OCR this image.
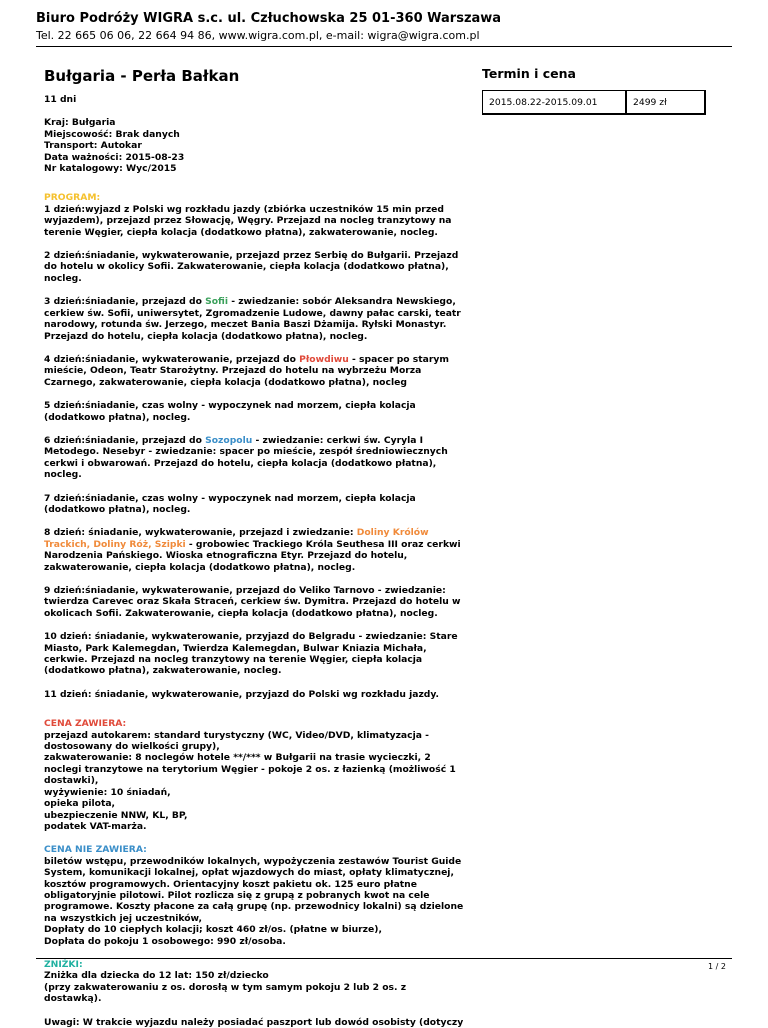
Biuro Podróży WIGRA s.c. ul. Człuchowska 25 01-360 Warszawa
Tel. 22 665 06 06, 22 664 94 86, www.wigra.com.pl, e-mail: wigra@wigra.com.pl
Bułgaria - Perła Bałkan

11 dni

Kraj: Bułgaria

Miejscowość: Brak danych

Transport: Autokar

Data ważności: 2015-08-23

Nr katalogowy: Wyc/2015

PROGRAM:

1 dzień:wyjazd z Polski wg rozkładu jazdy (zbiórka uczestników 15 min przed wyjazdem), przejazd przez Słowację, Węgry. Przejazd na nocleg tranzytowy na terenie Węgier, ciepła kolacja (dodatkowo płatna), zakwaterowanie, nocleg.

2 dzień:śniadanie, wykwaterowanie, przejazd przez Serbię do Bułgarii. Przejazd do hotelu w okolicy Sofii. Zakwaterowanie, ciepła kolacja (dodatkowo płatna), nocleg.

3 dzień:śniadanie, przejazd do Sofii - zwiedzanie: sobór Aleksandra Newskiego, cerkiew św. Sofii, uniwersytet, Zgromadzenie Ludowe, dawny pałac carski, teatr narodowy, rotunda św. Jerzego, meczet Bania Baszi Dżamija. Ryłski Monastyr. Przejazd do hotelu, ciepła kolacja (dodatkowo płatna), nocleg.

4 dzień:śniadanie, wykwaterowanie, przejazd do Płowdiwu - spacer po starym mieście, Odeon, Teatr Starożytny. Przejazd do hotelu na wybrzeżu Morza Czarnego, zakwaterowanie, ciepła kolacja (dodatkowo płatna), nocleg

5 dzień:śniadanie, czas wolny - wypoczynek nad morzem, ciepła kolacja (dodatkowo płatna), nocleg.

6 dzień:śniadanie, przejazd do Sozopolu - zwiedzanie: cerkwi św. Cyryla I Metodego. Nesebyr - zwiedzanie: spacer po mieście, zespół średniowiecznych cerkwi i obwarowań. Przejazd do hotelu, ciepła kolacja (dodatkowo płatna), nocleg.

7 dzień:śniadanie, czas wolny - wypoczynek nad morzem, ciepła kolacja (dodatkowo płatna), nocleg.

8 dzień: śniadanie, wykwaterowanie, przejazd i zwiedzanie: Doliny Królów Trackich, Doliny Róż, Szipki - grobowiec Trackiego Króla Seuthesa III oraz cerkwi Narodzenia Pańskiego. Wioska etnograficzna Etyr. Przejazd do hotelu, zakwaterowanie, ciepła kolacja (dodatkowo płatna), nocleg.

9 dzień:śniadanie, wykwaterowanie, przejazd do Veliko Tarnovo - zwiedzanie: twierdza Carevec oraz Skała Straceń, cerkiew św. Dymitra. Przejazd do hotelu w okolicach Sofii. Zakwaterowanie, ciepła kolacja (dodatkowo płatna), nocleg.

10 dzień: śniadanie, wykwaterowanie, przyjazd do Belgradu - zwiedzanie: Stare Miasto, Park Kalemegdan, Twierdza Kalemegdan, Bulwar Kniazia Michała, cerkwie. Przejazd na nocleg tranzytowy na terenie Węgier, ciepła kolacja (dodatkowo płatna), zakwaterowanie, nocleg.

11 dzień: śniadanie, wykwaterowanie, przyjazd do Polski wg rozkładu jazdy.

CENA ZAWIERA:

przejazd autokarem: standard turystyczny (WC, Video/DVD, klimatyzacja - dostosowany do wielkości grupy),

zakwaterowanie: 8 noclegów hotele **/*** w Bułgarii na trasie wycieczki, 2 noclegi tranzytowe na terytorium Węgier - pokoje 2 os. z łazienką (możliwość 1 dostawki),

wyżywienie: 10 śniadań,

opieka pilota,

ubezpieczenie NNW, KL, BP,

podatek VAT-marża.

CENA NIE ZAWIERA:

biletów wstępu, przewodników lokalnych, wypożyczenia zestawów Tourist Guide System, komunikacji lokalnej, opłat wjazdowych do miast, opłaty klimatycznej, kosztów programowych. Orientacyjny koszt pakietu ok. 125 euro płatne obligatoryjnie pilotowi. Pilot rozlicza się z grupą z pobranych kwot na cele programowe. Koszty płacone za całą grupę (np. przewodnicy lokalni) są dzielone na wszystkich jej uczestników,

Dopłaty do 10 ciepłych kolacji; koszt 460 zł/os. (płatne w biurze),

Dopłata do pokoju 1 osobowego: 990 zł/osoba.

ZNIŻKI:

Zniżka dla dziecka do 12 lat: 150 zł/dziecko

(przy zakwaterowaniu z os. dorosłą w tym samym pokoju 2 lub 2 os. z dostawką).

Uwagi: W trakcie wyjazdu należy posiadać paszport lub dowód osobisty (dotyczy

Termin i cena
2015.08.22-2015.09.01	2499 zł
1 / 2
